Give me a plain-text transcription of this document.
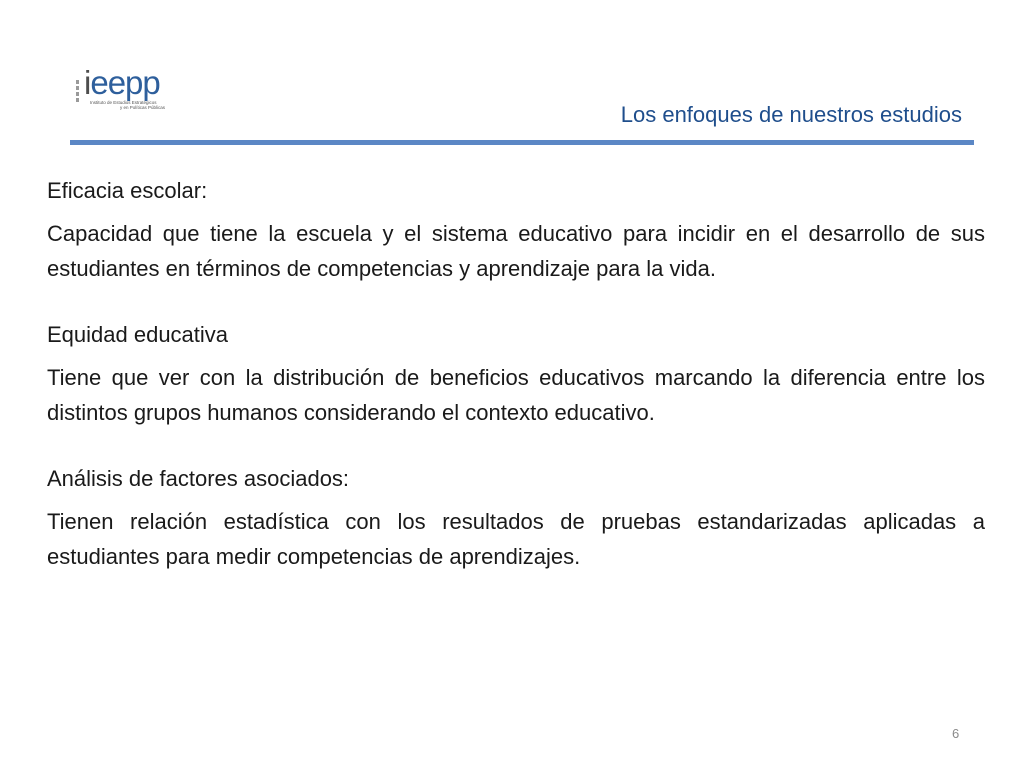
ieepp
Instituto de Estudios Estratégicos
y en Políticas Públicas	Los enfoques de nuestros estudios
Eficacia escolar:

Capacidad que tiene la escuela y el sistema educativo para incidir en el desarrollo de sus estudiantes en términos de competencias y aprendizaje para la vida.

Equidad educativa

Tiene que ver con la distribución de beneficios educativos marcando la diferencia entre los distintos grupos humanos considerando el contexto educativo.

Análisis de factores asociados:

Tienen relación estadística con los resultados de pruebas estandarizadas aplicadas a estudiantes para medir competencias de aprendizajes.

6
